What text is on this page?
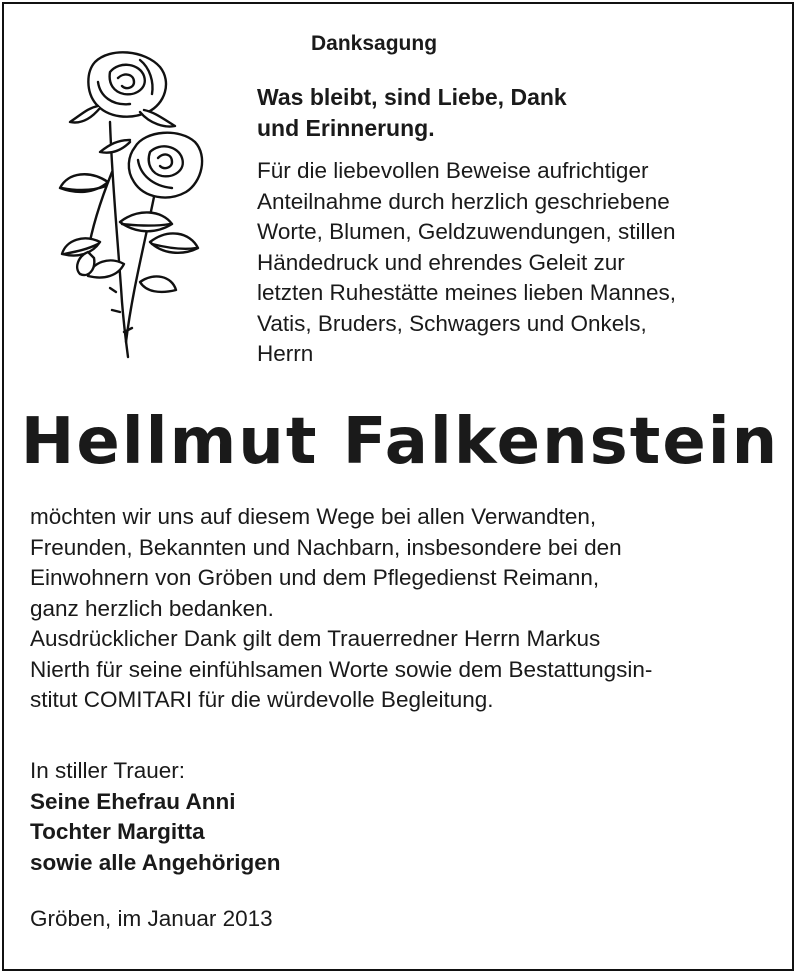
Danksagung

Was bleibt, sind Liebe, Dank
und Erinnerung.

Für die liebevollen Beweise aufrichtiger
Anteilnahme durch herzlich geschriebene
Worte, Blumen, Geldzuwendungen, stillen
Händedruck und ehrendes Geleit zur
letzten Ruhestätte meines lieben Mannes,
Vatis, Bruders, Schwagers und Onkels,
Herrn

Hellmut Falkenstein

möchten wir uns auf diesem Wege bei allen Verwandten,
Freunden, Bekannten und Nachbarn, insbesondere bei den
Einwohnern von Gröben und dem Pflegedienst Reimann,
ganz herzlich bedanken.
Ausdrücklicher Dank gilt dem Trauerredner Herrn Markus
Nierth für seine einfühlsamen Worte sowie dem Bestattungsin-
stitut COMITARI für die würdevolle Begleitung.

In stiller Trauer:
Seine Ehefrau Anni
Tochter Margitta
sowie alle Angehörigen

Gröben, im Januar 2013
